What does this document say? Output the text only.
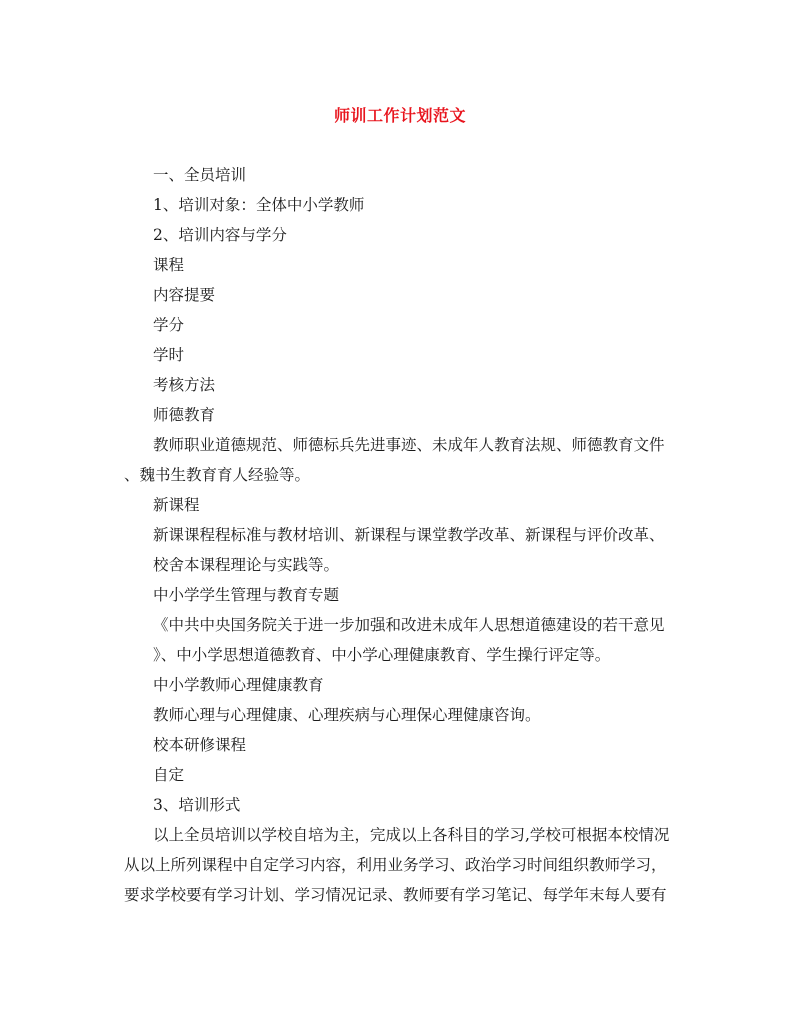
师训工作计划范文
一、全员培训
1、培训对象：全体中小学教师
2、培训内容与学分
课程
内容提要
学分
学时
考核方法
师德教育
教师职业道德规范、师德标兵先进事迹、未成年人教育法规、师德教育文件
、魏书生教育育人经验等。
新课程
新课课程程标准与教材培训、新课程与课堂教学改革、新课程与评价改革、
校舍本课程理论与实践等。
中小学学生管理与教育专题
《中共中央国务院关于进一步加强和改进未成年人思想道德建设的若干意见
》、中小学思想道德教育、中小学心理健康教育、学生操行评定等。
中小学教师心理健康教育
教师心理与心理健康、心理疾病与心理保心理健康咨询。
校本研修课程
自定
3、培训形式
以上全员培训以学校自培为主，完成以上各科目的学习,学校可根据本校情况
从以上所列课程中自定学习内容，利用业务学习、政治学习时间组织教师学习，
要求学校要有学习计划、学习情况记录、教师要有学习笔记、每学年末每人要有
